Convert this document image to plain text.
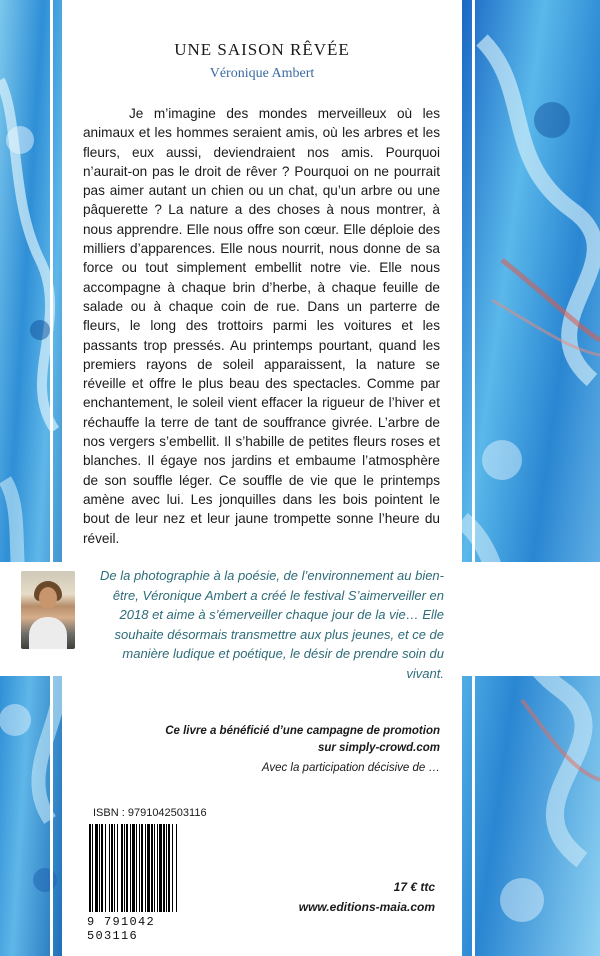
UNE SAISON RÊVÉE
Véronique Ambert

Je m’imagine des mondes merveilleux où les animaux et les hommes seraient amis, où les arbres et les fleurs, eux aussi, deviendraient nos amis. Pourquoi n’aurait-on pas le droit de rêver ? Pourquoi on ne pourrait pas aimer autant un chien ou un chat, qu’un arbre ou une pâquerette ? La nature a des choses à nous montrer, à nous apprendre. Elle nous offre son cœur. Elle déploie des milliers d’apparences. Elle nous nourrit, nous donne de sa force ou tout simplement embellit notre vie. Elle nous accompagne à chaque brin d’herbe, à chaque feuille de salade ou à chaque coin de rue. Dans un parterre de fleurs, le long des trottoirs parmi les voitures et les passants trop pressés. Au printemps pourtant, quand les premiers rayons de soleil apparaissent, la nature se réveille et offre le plus beau des spectacles. Comme par enchantement, le soleil vient effacer la rigueur de l’hiver et réchauffe la terre de tant de souffrance givrée. L’arbre de nos vergers s’embellit. Il s’habille de petites fleurs roses et blanches. Il égaye nos jardins et embaume l’atmosphère de son souffle léger. Ce souffle de vie que le printemps amène avec lui. Les jonquilles dans les bois pointent le bout de leur nez et leur jaune trompette sonne l’heure du réveil.

De la photographie à la poésie, de l’environnement au bien-être, Véronique Ambert a créé le festival S’aimerveiller en 2018 et aime à s’émerveiller chaque jour de la vie… Elle souhaite désormais transmettre aux plus jeunes, et ce de manière ludique et poétique, le désir de prendre soin du vivant.

Ce livre a bénéficié d’une campagne de promotion
sur simply-crowd.com
Avec la participation décisive de …
ISBN : 9791042503116
9 791042 503116
17 € ttc
www.editions-maia.com
